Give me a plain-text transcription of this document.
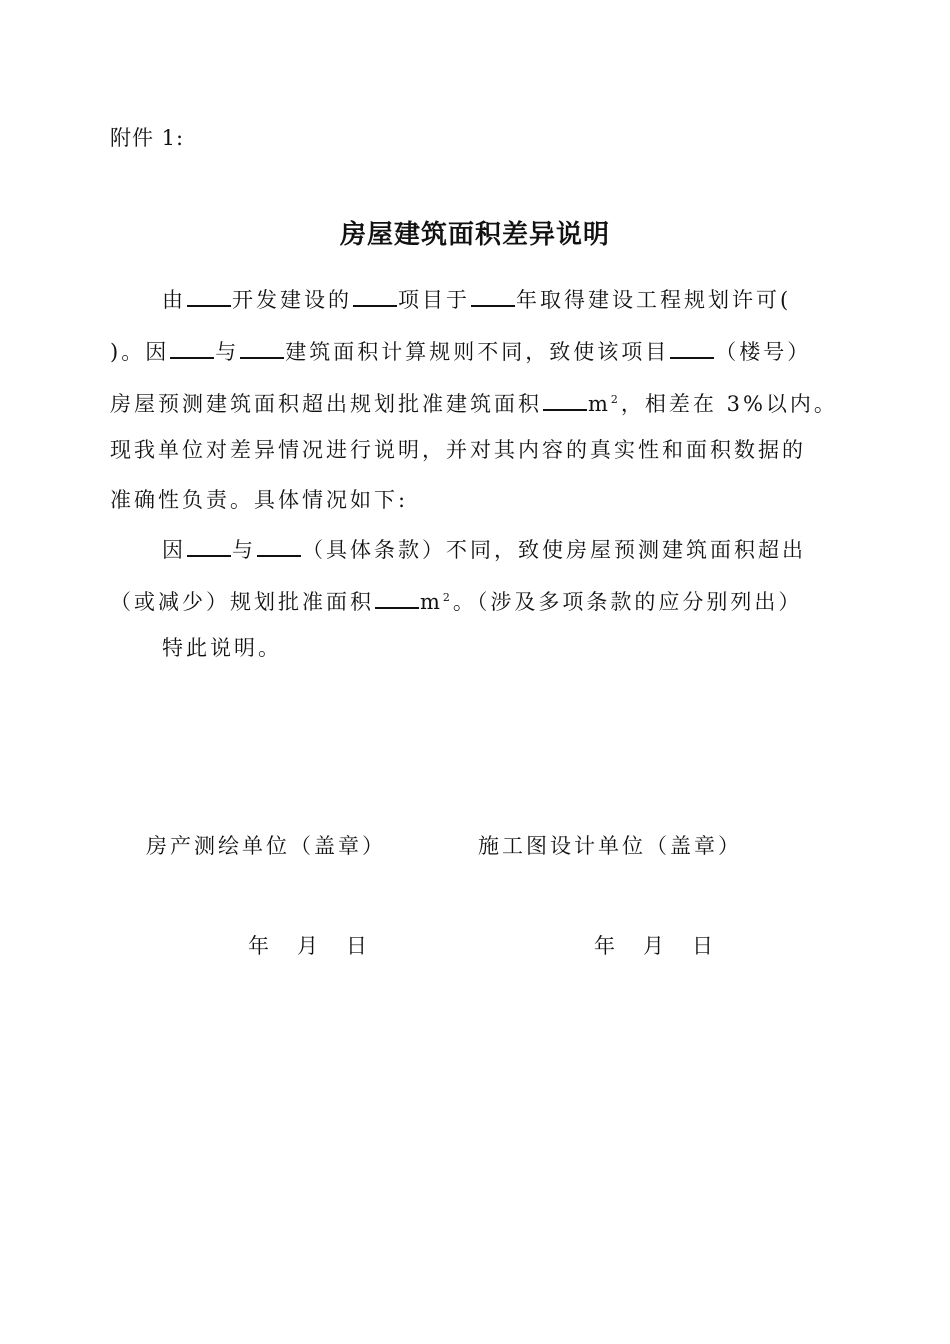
附件 1:
房屋建筑面积差异说明
由 开发建设的 项目于 年取得建设工程规划许可(
)。因 与 建筑面积计算规则不同，致使该项目 （楼号）
房屋预测建筑面积超出规划批准建筑面积 $m^2$，相差在 3%以内。
现我单位对差异情况进行说明，并对其内容的真实性和面积数据的
准确性负责。具体情况如下:
因 与 （具体条款）不同，致使房屋预测建筑面积超出
（或减少）规划批准面积 $m^2$。（涉及多项条款的应分别列出）
特此说明。
房产测绘单位（盖章）	施工图设计单位（盖章）
年 月 日	年 月 日
